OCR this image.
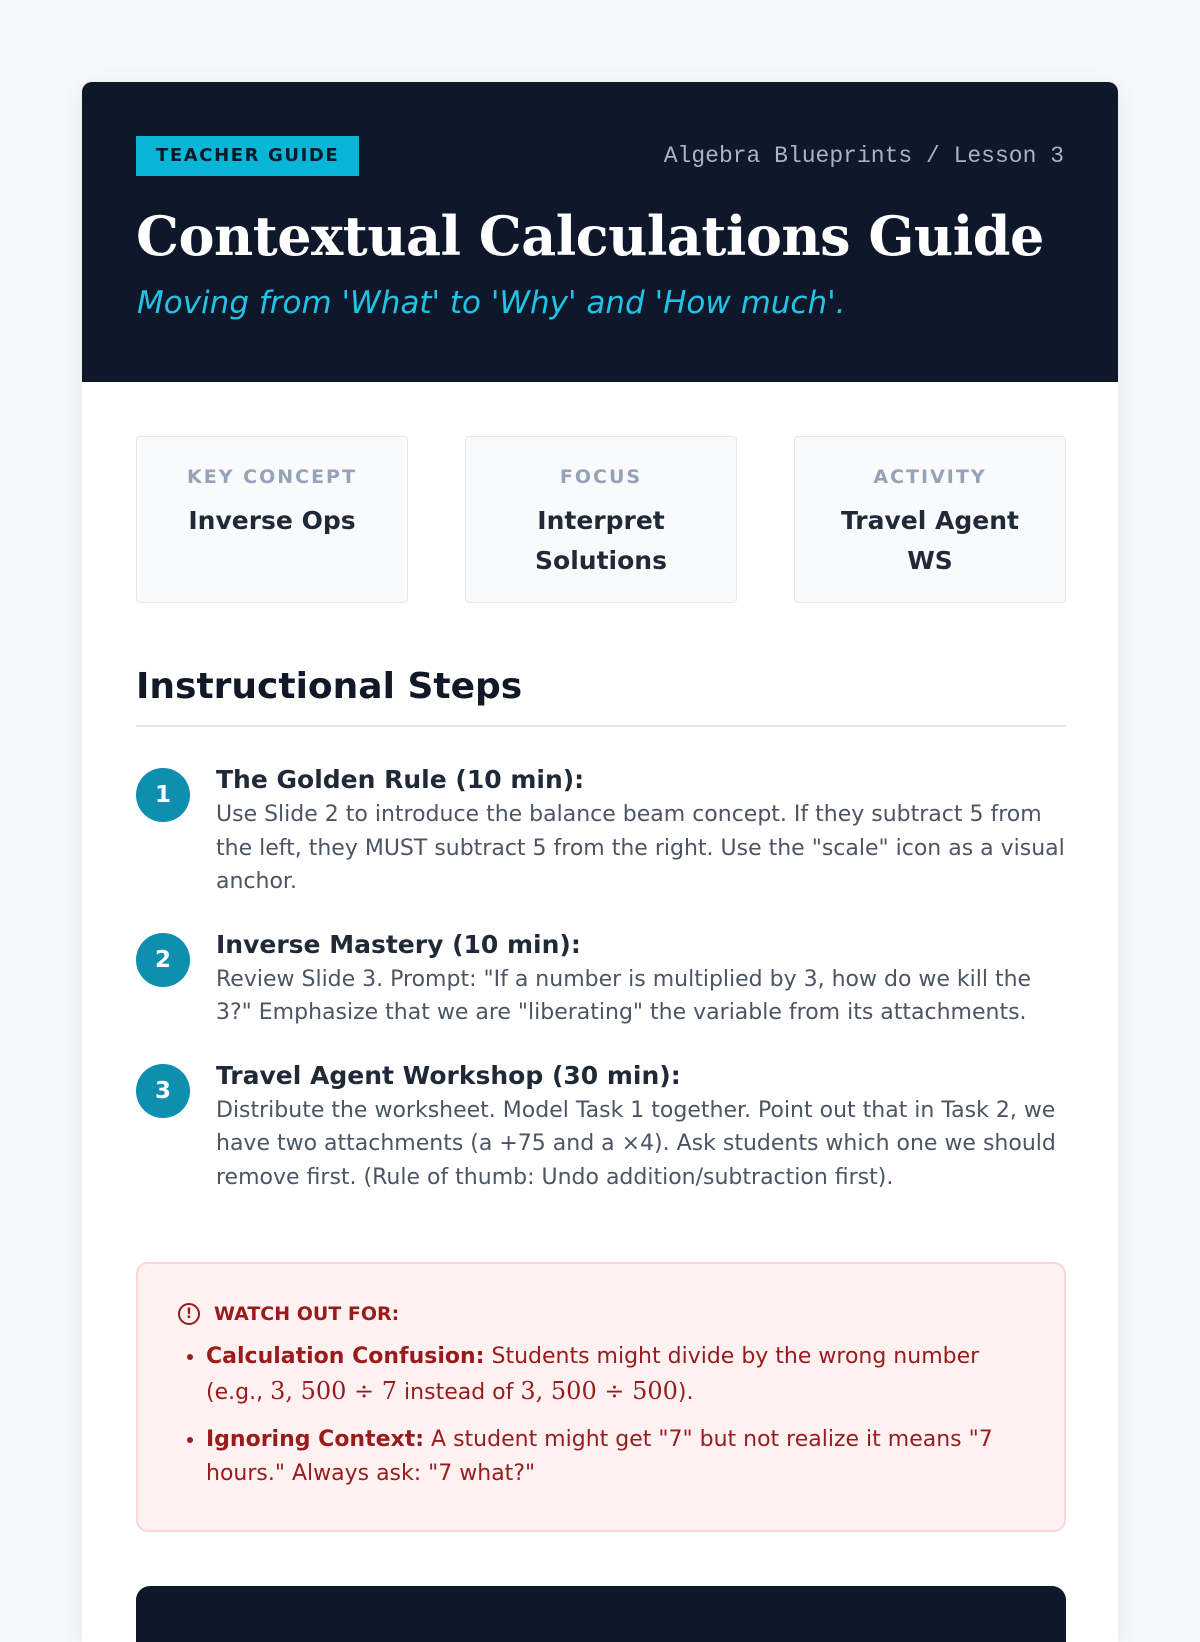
TEACHER GUIDE	Algebra Blueprints / Lesson 3
Contextual Calculations Guide

Moving from 'What' to 'Why' and 'How much'.

KEY CONCEPT
Inverse Ops
FOCUS
Interpret Solutions
ACTIVITY
Travel Agent WS
Instructional Steps
1
The Golden Rule (10 min):
Use Slide 2 to introduce the balance beam concept. If they subtract 5 from the left, they MUST subtract 5 from the right. Use the "scale" icon as a visual anchor.
2
Inverse Mastery (10 min):
Review Slide 3. Prompt: "If a number is multiplied by 3, how do we kill the 3?" Emphasize that we are "liberating" the variable from its attachments.
3
Travel Agent Workshop (30 min):
Distribute the worksheet. Model Task 1 together. Point out that in Task 2, we have two attachments (a +75 and a ×4). Ask students which one we should remove first. (Rule of thumb: Undo addition/subtraction first).
!	WATCH OUT FOR:
• Calculation Confusion: Students might divide by the wrong number (e.g., 3, 500 ÷ 7 instead of 3, 500 ÷ 500).
• Ignoring Context: A student might get "7" but not realize it means "7 hours." Always ask: "7 what?"
